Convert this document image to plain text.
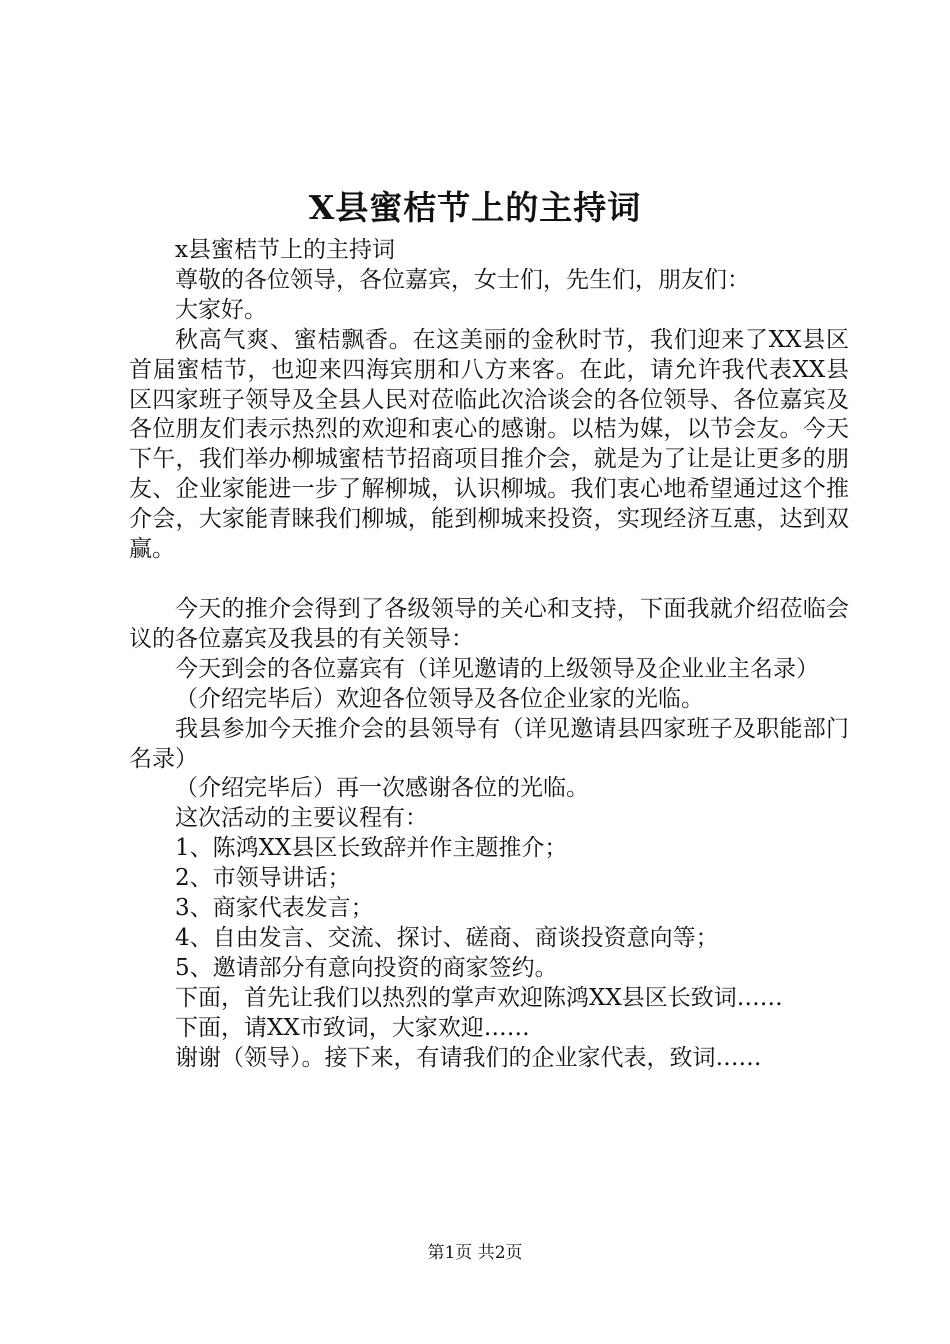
X县蜜桔节上的主持词

x县蜜桔节上的主持词

尊敬的各位领导，各位嘉宾，女士们，先生们，朋友们：

大家好。

秋高气爽、蜜桔飘香。在这美丽的金秋时节，我们迎来了XX县区首届蜜桔节，也迎来四海宾朋和八方来客。在此，请允许我代表XX县区四家班子领导及全县人民对莅临此次洽谈会的各位领导、各位嘉宾及各位朋友们表示热烈的欢迎和衷心的感谢。以桔为媒，以节会友。今天下午，我们举办柳城蜜桔节招商项目推介会，就是为了让是让更多的朋友、企业家能进一步了解柳城，认识柳城。我们衷心地希望通过这个推介会，大家能青睐我们柳城，能到柳城来投资，实现经济互惠，达到双赢。

今天的推介会得到了各级领导的关心和支持，下面我就介绍莅临会议的各位嘉宾及我县的有关领导：

今天到会的各位嘉宾有（详见邀请的上级领导及企业业主名录）

（介绍完毕后）欢迎各位领导及各位企业家的光临。

我县参加今天推介会的县领导有（详见邀请县四家班子及职能部门名录）

（介绍完毕后）再一次感谢各位的光临。

这次活动的主要议程有：

1、陈鸿XX县区长致辞并作主题推介；

2、市领导讲话；

3、商家代表发言；

4、自由发言、交流、探讨、磋商、商谈投资意向等；

5、邀请部分有意向投资的商家签约。

下面，首先让我们以热烈的掌声欢迎陈鸿XX县区长致词……

下面，请XX市致词，大家欢迎……

谢谢（领导）。接下来，有请我们的企业家代表，致词……

第1页 共2页
